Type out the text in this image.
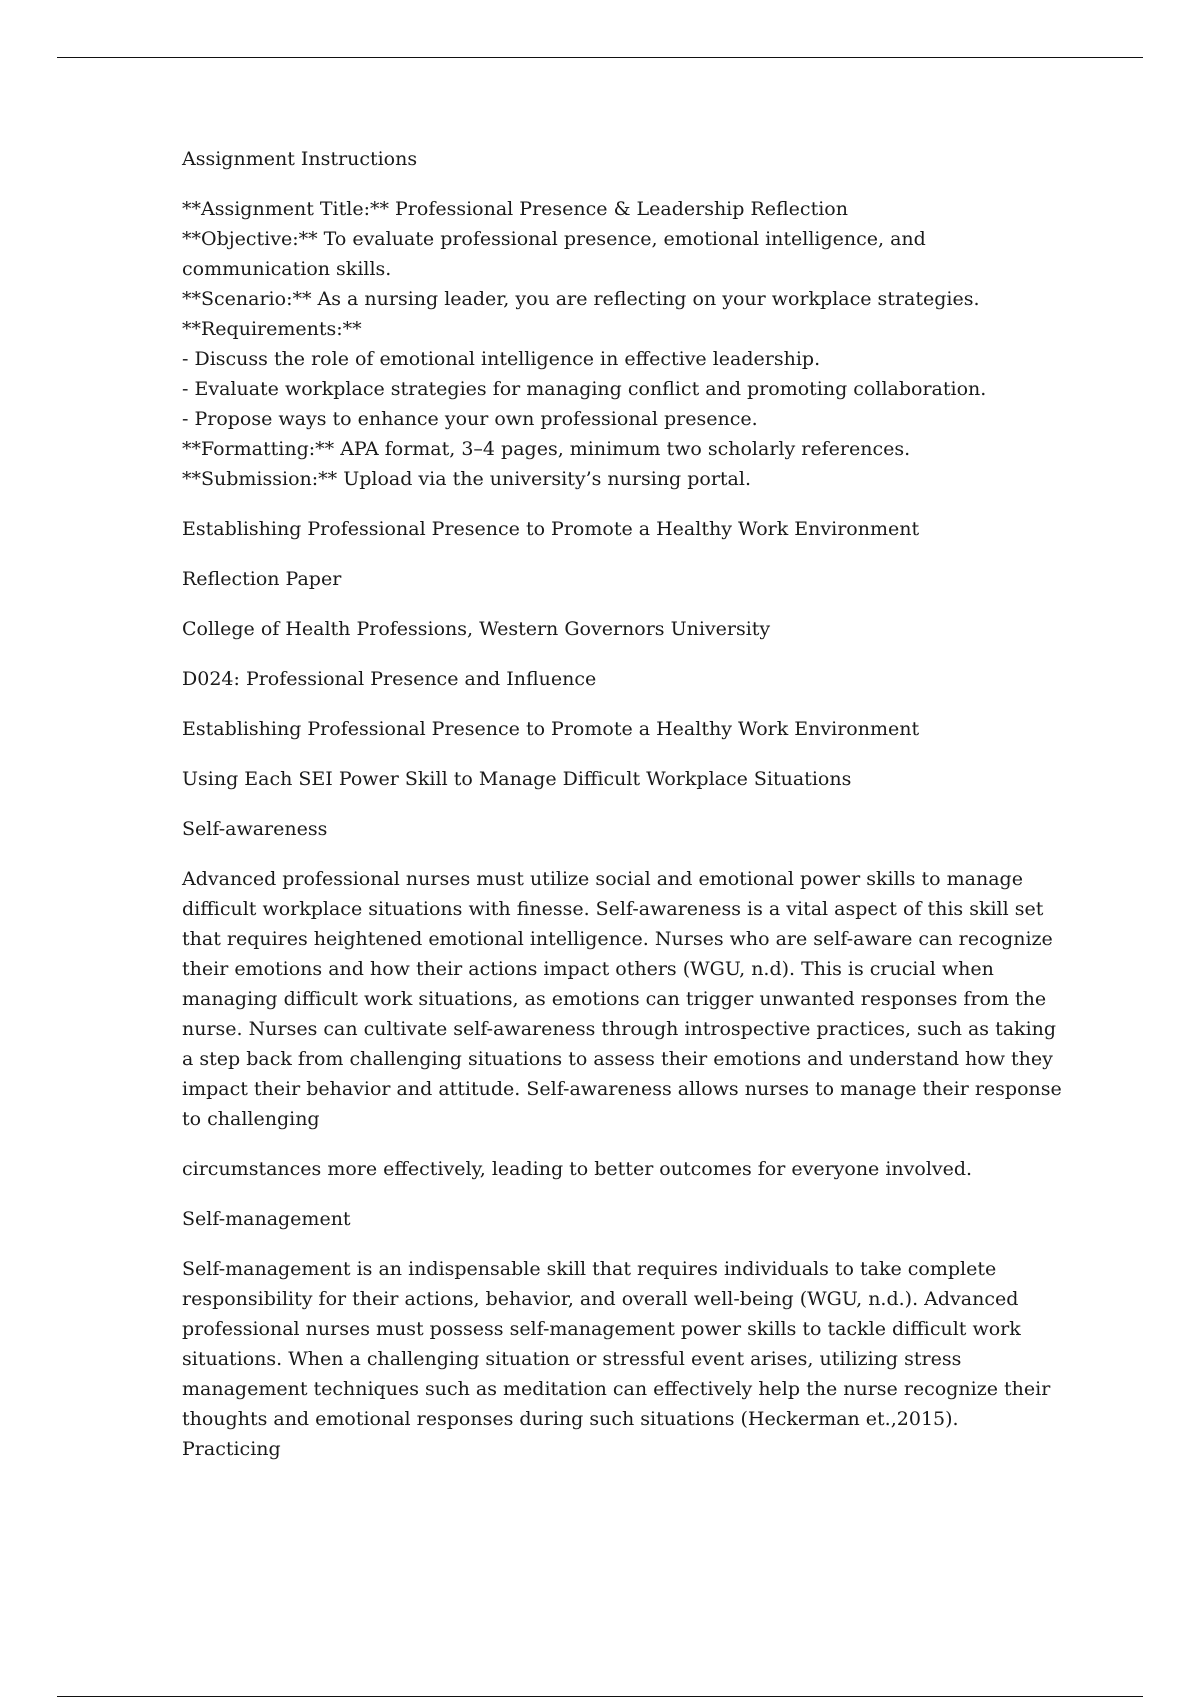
Assignment Instructions

**Assignment Title:** Professional Presence & Leadership Reflection
**Objective:** To evaluate professional presence, emotional intelligence, and communication skills.
**Scenario:** As a nursing leader, you are reflecting on your workplace strategies.
**Requirements:**
- Discuss the role of emotional intelligence in effective leadership.
- Evaluate workplace strategies for managing conflict and promoting collaboration.
- Propose ways to enhance your own professional presence.
**Formatting:** APA format, 3–4 pages, minimum two scholarly references.
**Submission:** Upload via the university’s nursing portal.

Establishing Professional Presence to Promote a Healthy Work Environment

Reflection Paper

College of Health Professions, Western Governors University

D024: Professional Presence and Influence

Establishing Professional Presence to Promote a Healthy Work Environment

Using Each SEI Power Skill to Manage Difficult Workplace Situations

Self-awareness

Advanced professional nurses must utilize social and emotional power skills to manage difficult workplace situations with finesse. Self-awareness is a vital aspect of this skill set that requires heightened emotional intelligence. Nurses who are self-aware can recognize their emotions and how their actions impact others (WGU, n.d). This is crucial when managing difficult work situations, as emotions can trigger unwanted responses from the nurse. Nurses can cultivate self-awareness through introspective practices, such as taking a step back from challenging situations to assess their emotions and understand how they impact their behavior and attitude. Self-awareness allows nurses to manage their response to challenging

circumstances more effectively, leading to better outcomes for everyone involved.

Self-management

Self-management is an indispensable skill that requires individuals to take complete responsibility for their actions, behavior, and overall well-being (WGU, n.d.). Advanced professional nurses must possess self-management power skills to tackle difficult work situations. When a challenging situation or stressful event arises, utilizing stress management techniques such as meditation can effectively help the nurse recognize their thoughts and emotional responses during such situations (Heckerman et.,2015). Practicing
